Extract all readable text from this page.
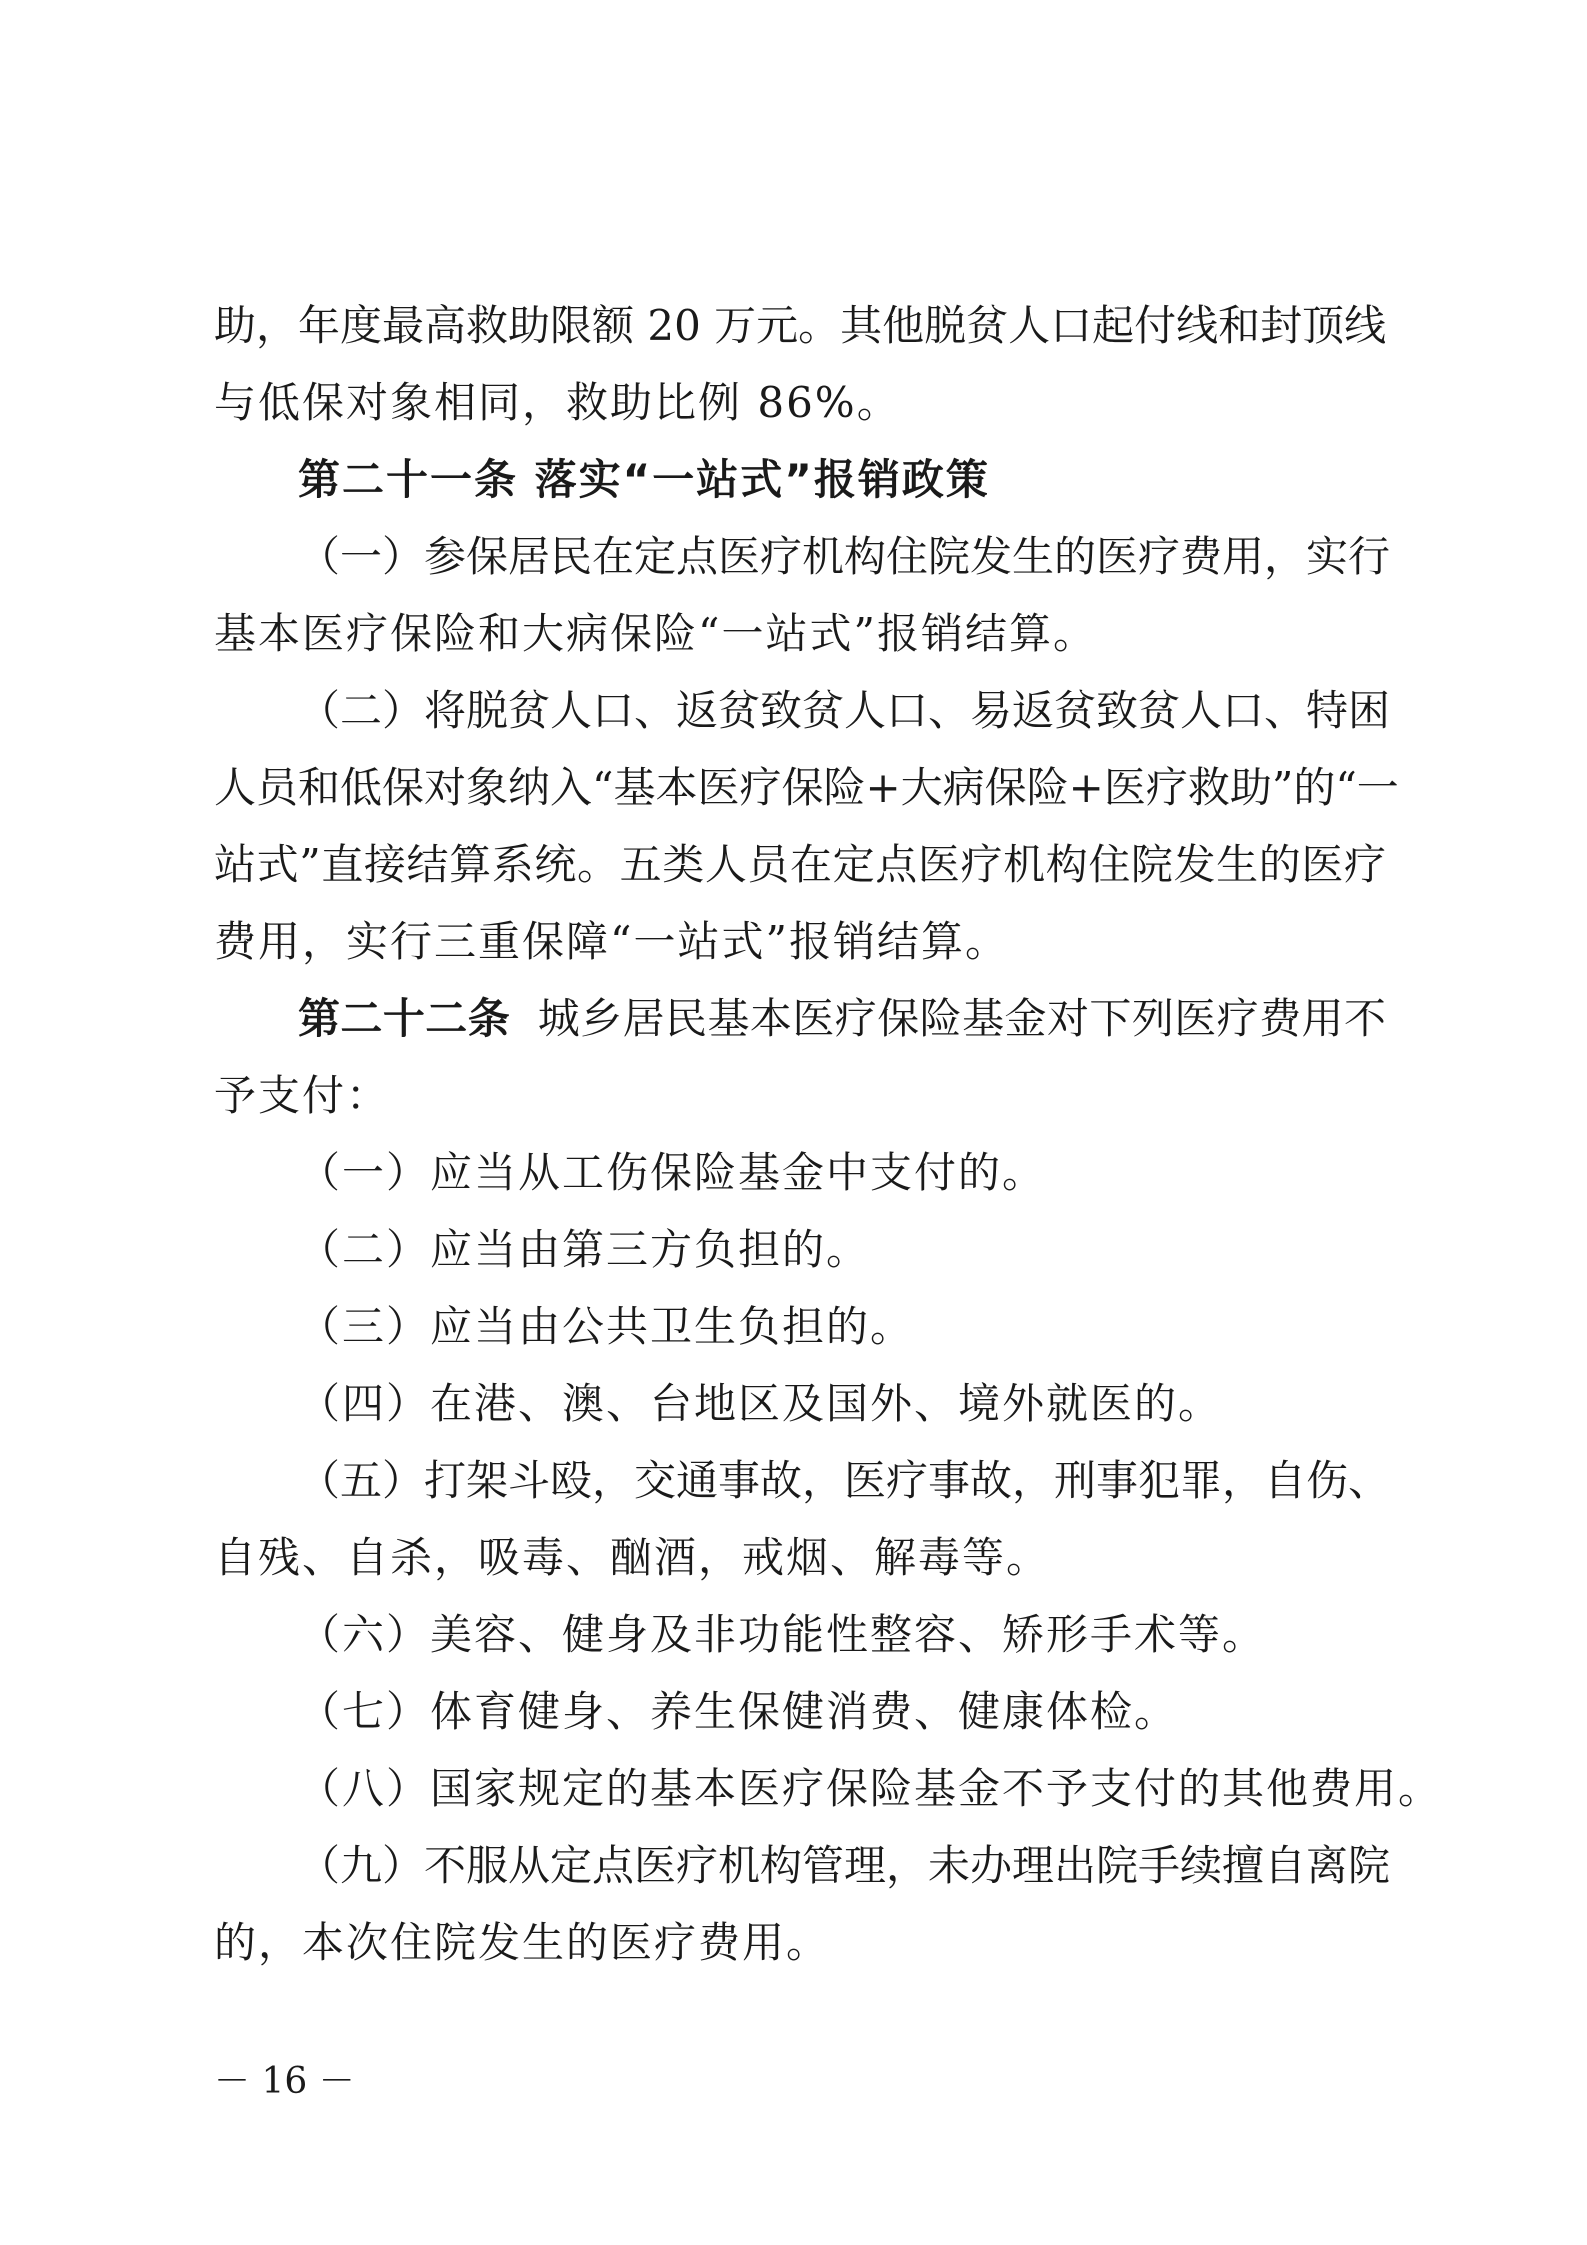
助，年度最高救助限额 20 万元。其他脱贫人口起付线和封顶线
与低保对象相同，救助比例 86%。
第二十一条 落实“一站式”报销政策
（一）参保居民在定点医疗机构住院发生的医疗费用，实行
基本医疗保险和大病保险“一站式”报销结算。
（二）将脱贫人口、返贫致贫人口、易返贫致贫人口、特困
人员和低保对象纳入“基本医疗保险+大病保险+医疗救助”的“一
站式”直接结算系统。五类人员在定点医疗机构住院发生的医疗
费用，实行三重保障“一站式”报销结算。
第二十二条 城乡居民基本医疗保险基金对下列医疗费用不
予支付：
（一）应当从工伤保险基金中支付的。
（二）应当由第三方负担的。
（三）应当由公共卫生负担的。
（四）在港、澳、台地区及国外、境外就医的。
（五）打架斗殴，交通事故，医疗事故，刑事犯罪，自伤、
自残、自杀，吸毒、酗酒，戒烟、解毒等。
（六）美容、健身及非功能性整容、矫形手术等。
（七）体育健身、养生保健消费、健康体检。
（八）国家规定的基本医疗保险基金不予支付的其他费用。
（九）不服从定点医疗机构管理，未办理出院手续擅自离院
的，本次住院发生的医疗费用。
－ 16 －
